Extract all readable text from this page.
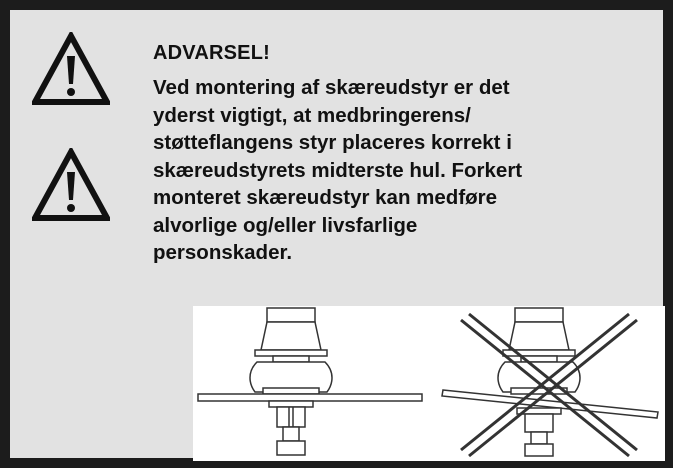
ADVARSEL!

Ved montering af skæreudstyr er det
yderst vigtigt, at medbringerens/
støtteflangens styr placeres korrekt i
skæreudstyrets midterste hul. Forkert
monteret skæreudstyr kan medføre
alvorlige og/eller livsfarlige
personskader.
